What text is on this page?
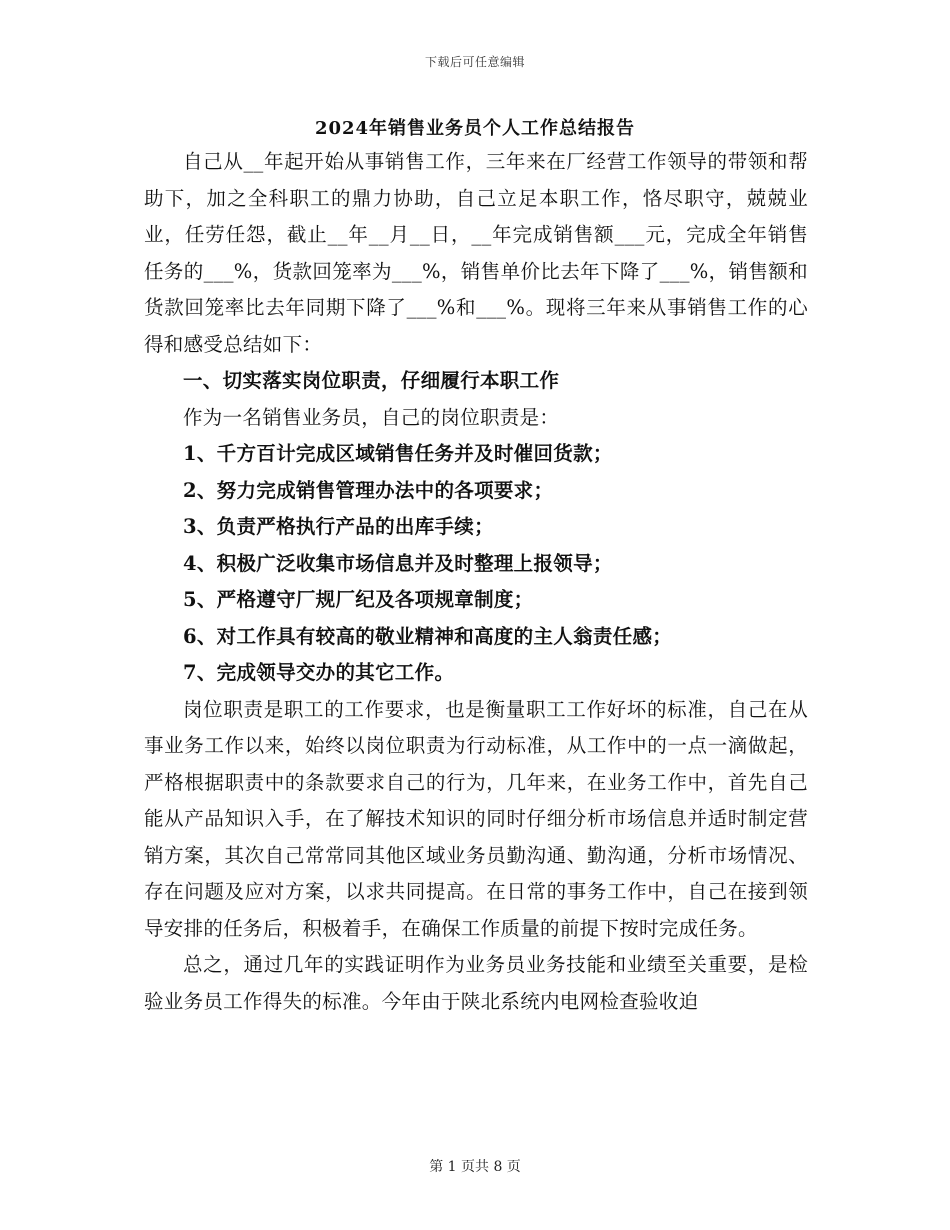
下载后可任意编辑
2024年销售业务员个人工作总结报告

自己从__年起开始从事销售工作，三年来在厂经营工作领导的带领和帮助下，加之全科职工的鼎力协助，自己立足本职工作，恪尽职守，兢兢业业，任劳任怨，截止__年__月__日，__年完成销售额___元，完成全年销售任务的___%，货款回笼率为___%，销售单价比去年下降了___%，销售额和货款回笼率比去年同期下降了___%和___%。现将三年来从事销售工作的心得和感受总结如下：

一、切实落实岗位职责，仔细履行本职工作

作为一名销售业务员，自己的岗位职责是：

1、千方百计完成区域销售任务并及时催回货款；

2、努力完成销售管理办法中的各项要求；

3、负责严格执行产品的出库手续；

4、积极广泛收集市场信息并及时整理上报领导；

5、严格遵守厂规厂纪及各项规章制度；

6、对工作具有较高的敬业精神和高度的主人翁责任感；

7、完成领导交办的其它工作。

岗位职责是职工的工作要求，也是衡量职工工作好坏的标准，自己在从事业务工作以来，始终以岗位职责为行动标准，从工作中的一点一滴做起，严格根据职责中的条款要求自己的行为，几年来，在业务工作中，首先自己能从产品知识入手，在了解技术知识的同时仔细分析市场信息并适时制定营销方案，其次自己常常同其他区域业务员勤沟通、勤沟通，分析市场情况、存在问题及应对方案，以求共同提高。在日常的事务工作中，自己在接到领导安排的任务后，积极着手，在确保工作质量的前提下按时完成任务。

总之，通过几年的实践证明作为业务员业务技能和业绩至关重要，是检验业务员工作得失的标准。今年由于陕北系统内电网检查验收迫

第 1 页共 8 页
